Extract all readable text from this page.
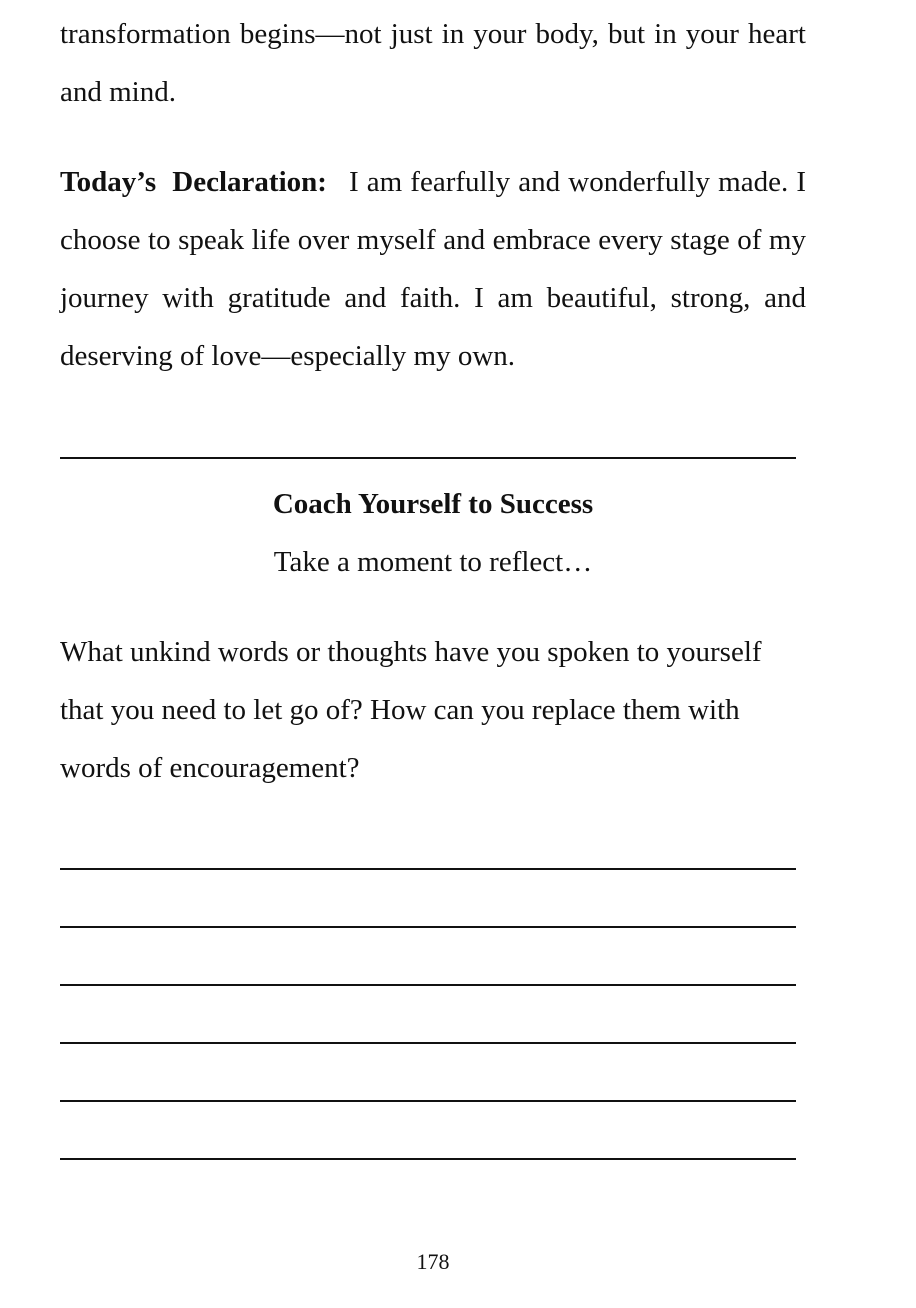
transformation begins—not just in your body, but in your heart and mind.

Today’s Declaration: I am fearfully and wonderfully made. I choose to speak life over myself and embrace every stage of my journey with gratitude and faith. I am beautiful, strong, and deserving of love—especially my own.

Coach Yourself to Success

Take a moment to reflect…

What unkind words or thoughts have you spoken to yourself that you need to let go of? How can you replace them with words of encouragement?

178
